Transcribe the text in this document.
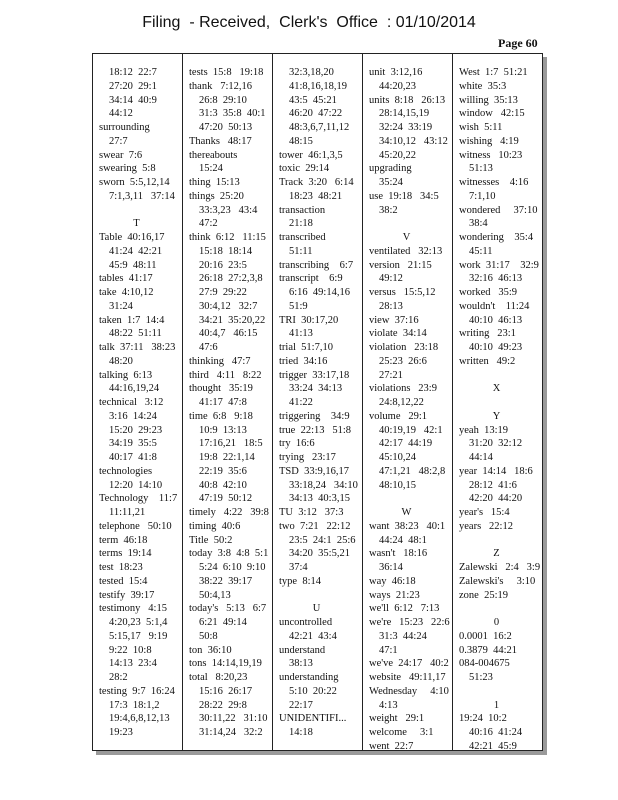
Filing  - Received,  Clerk's  Office  : 01/10/2014
Page 60
18:12  22:7
27:20  29:1
34:14  40:9
44:12
surrounding
27:7
swear  7:6
swearing  5:8
sworn  5:5,12,14
7:1,3,11   37:14
T
Table  40:16,17
41:24  42:21
45:9  48:11
tables  41:17
take  4:10,12
31:24
taken  1:7  14:4
48:22  51:11
talk  37:11   38:23
48:20
talking  6:13
44:16,19,24
technical   3:12
3:16  14:24
15:20  29:23
34:19  35:5
40:17  41:8
technologies
12:20  14:10
Technology    11:7
11:11,21
telephone   50:10
term  46:18
terms  19:14
test  18:23
tested  15:4
testify  39:17
testimony   4:15
4:20,23  5:1,4
5:15,17   9:19
9:22  10:8
14:13  23:4
28:2
testing  9:7  16:24
17:3  18:1,2
19:4,6,8,12,13
19:23
tests  15:8   19:18
thank   7:12,16
26:8  29:10
31:3  35:8  40:1
47:20  50:13
Thanks   48:17
thereabouts
15:24
thing  15:13
things  25:20
33:3,23   43:4
47:2
think  6:12   11:15
15:18  18:14
20:16  23:5
26:18  27:2,3,8
27:9  29:22
30:4,12   32:7
34:21  35:20,22
40:4,7   46:15
47:6
thinking   47:7
third   4:11   8:22
thought   35:19
41:17  47:8
time  6:8   9:18
10:9  13:13
17:16,21   18:5
19:8  22:1,14
22:19  35:6
40:8  42:10
47:19  50:12
timely   4:22   39:8
timing  40:6
Title  50:2
today  3:8  4:8  5:1
5:24  6:10  9:10
38:22  39:17
50:4,13
today's   5:13   6:7
6:21  49:14
50:8
ton  36:10
tons  14:14,19,19
total   8:20,23
15:16  26:17
28:22  29:8
30:11,22   31:10
31:14,24   32:2
32:3,18,20
41:8,16,18,19
43:5  45:21
46:20  47:22
48:3,6,7,11,12
48:15
tower  46:1,3,5
toxic  29:14
Track  3:20   6:14
18:23  48:21
transaction
21:18
transcribed
51:11
transcribing    6:7
transcript    6:9
6:16  49:14,16
51:9
TRI  30:17,20
41:13
trial  51:7,10
tried  34:16
trigger  33:17,18
33:24  34:13
41:22
triggering    34:9
true  22:13   51:8
try  16:6
trying   23:17
TSD  33:9,16,17
33:18,24   34:10
34:13  40:3,15
TU  3:12   37:3
two  7:21   22:12
23:5  24:1  25:6
34:20  35:5,21
37:4
type  8:14
U
uncontrolled
42:21  43:4
understand
38:13
understanding
5:10  20:22
22:17
UNIDENTIFI...
14:18
unit  3:12,16
44:20,23
units  8:18   26:13
28:14,15,19
32:24  33:19
34:10,12   43:12
45:20,22
upgrading
35:24
use  19:18   34:5
38:2
V
ventilated   32:13
version   21:15
49:12
versus   15:5,12
28:13
view  37:16
violate  34:14
violation   23:18
25:23  26:6
27:21
violations   23:9
24:8,12,22
volume   29:1
40:19,19   42:1
42:17  44:19
45:10,24
47:1,21   48:2,8
48:10,15
W
want  38:23   40:1
44:24  48:1
wasn't   18:16
36:14
way  46:18
ways  21:23
we'll  6:12   7:13
we're   15:23   22:6
31:3  44:24
47:1
we've  24:17   40:2
website   49:11,17
Wednesday     4:10
4:13
weight   29:1
welcome     3:1
went  22:7
West  1:7  51:21
white  35:3
willing  35:13
window   42:15
wish  5:11
wishing   4:19
witness   10:23
51:13
witnesses    4:16
7:1,10
wondered     37:10
38:4
wondering    35:4
45:11
work  31:17    32:9
32:16  46:13
worked   35:9
wouldn't    11:24
40:10  46:13
writing   23:1
40:10  49:23
written   49:2
X
Y
yeah  13:19
31:20  32:12
44:14
year  14:14   18:6
28:12  41:6
42:20  44:20
year's   15:4
years   22:12
Z
Zalewski   2:4   3:9
Zalewski's     3:10
zone  25:19
0
0.0001  16:2
0.3879  44:21
084-004675
51:23
1
19:24  10:2
40:16  41:24
42:21  45:9
